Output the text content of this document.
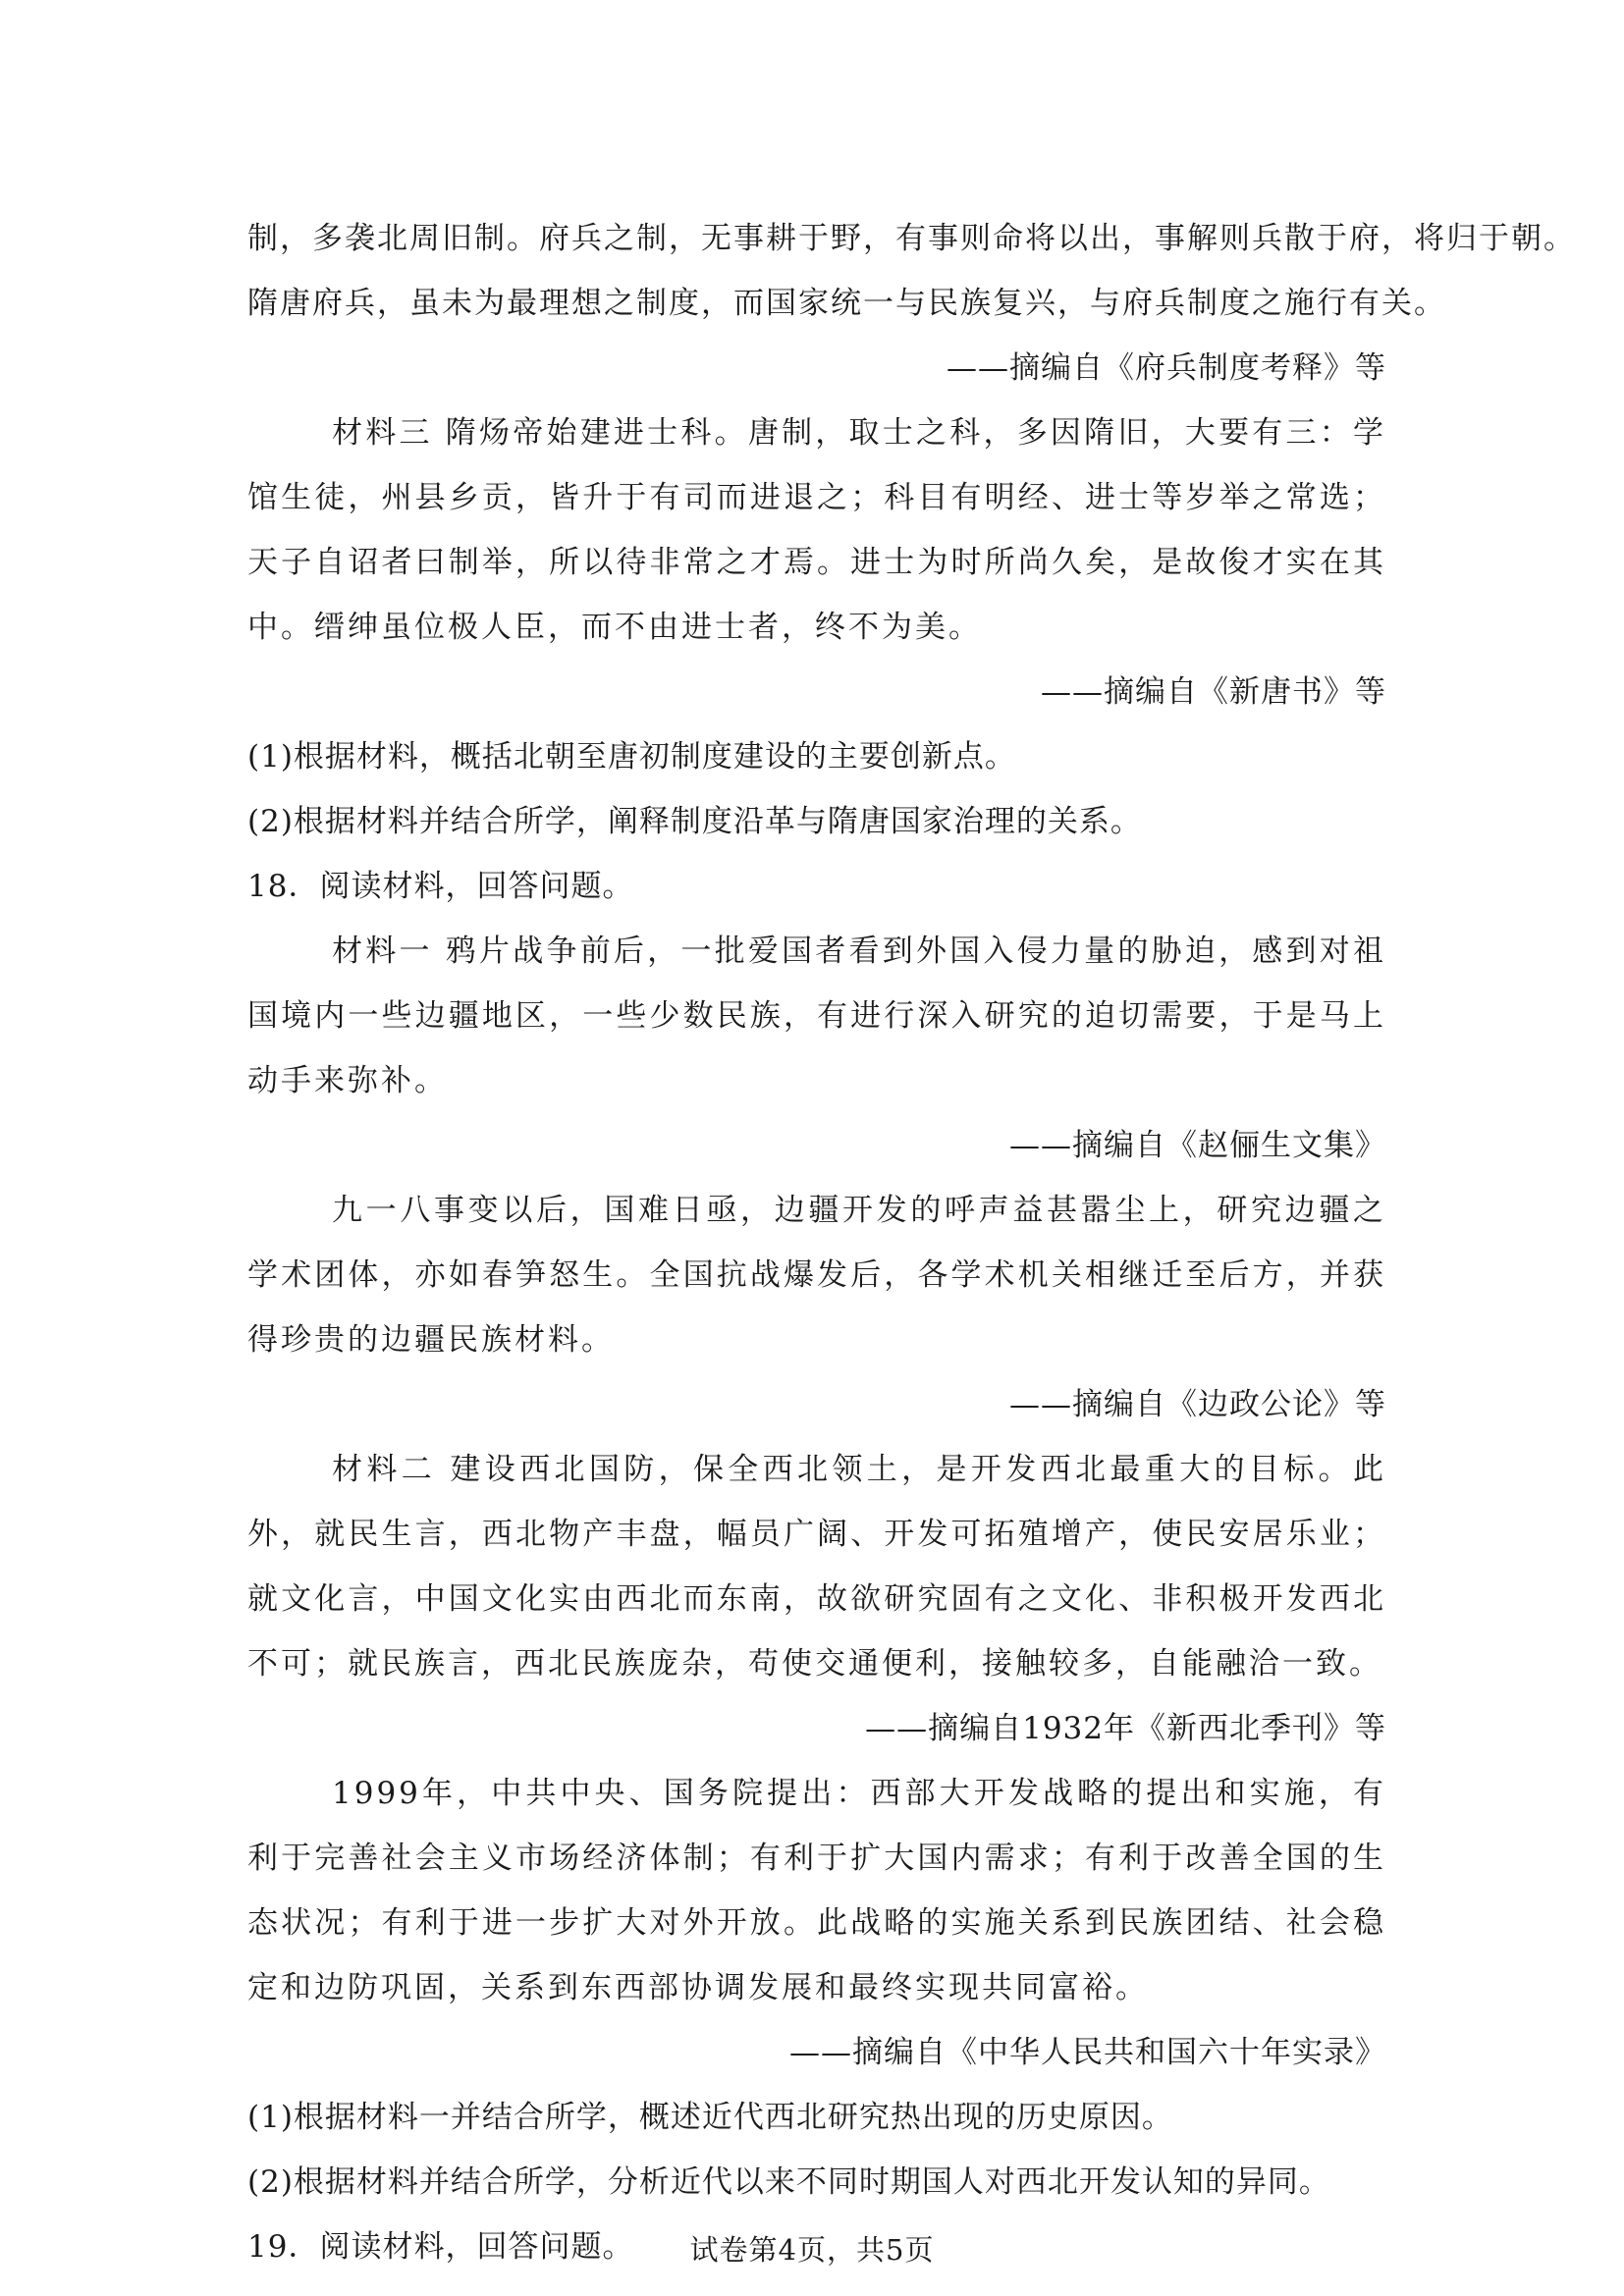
制，多袭北周旧制。府兵之制，无事耕于野，有事则命将以出，事解则兵散于府，将归于朝。
隋唐府兵，虽未为最理想之制度，而国家统一与民族复兴，与府兵制度之施行有关。
——摘编自《府兵制度考释》等

材料三 隋炀帝始建进士科。唐制，取士之科，多因隋旧，大要有三：学馆生徒，州县乡贡，皆升于有司而进退之；科目有明经、进士等岁举之常选；天子自诏者曰制举，所以待非常之才焉。进士为时所尚久矣，是故俊才实在其中。缙绅虽位极人臣，而不由进士者，终不为美。

——摘编自《新唐书》等
(1)根据材料，概括北朝至唐初制度建设的主要创新点。
(2)根据材料并结合所学，阐释制度沿革与隋唐国家治理的关系。
18．阅读材料，回答问题。

材料一 鸦片战争前后，一批爱国者看到外国入侵力量的胁迫，感到对祖国境内一些边疆地区，一些少数民族，有进行深入研究的迫切需要，于是马上动手来弥补。

——摘编自《赵俪生文集》

九一八事变以后，国难日亟，边疆开发的呼声益甚嚣尘上，研究边疆之学术团体，亦如春笋怒生。全国抗战爆发后，各学术机关相继迁至后方，并获得珍贵的边疆民族材料。

——摘编自《边政公论》等

材料二 建设西北国防，保全西北领土，是开发西北最重大的目标。此外，就民生言，西北物产丰盘，幅员广阔、开发可拓殖增产，使民安居乐业；就文化言，中国文化实由西北而东南，故欲研究固有之文化、非积极开发西北不可；就民族言，西北民族庞杂，苟使交通便利，接触较多，自能融洽一致。

——摘编自1932年《新西北季刊》等

1999年，中共中央、国务院提出：西部大开发战略的提出和实施，有利于完善社会主义市场经济体制；有利于扩大国内需求；有利于改善全国的生态状况；有利于进一步扩大对外开放。此战略的实施关系到民族团结、社会稳定和边防巩固，关系到东西部协调发展和最终实现共同富裕。

——摘编自《中华人民共和国六十年实录》
(1)根据材料一并结合所学，概述近代西北研究热出现的历史原因。
(2)根据材料并结合所学，分析近代以来不同时期国人对西北开发认知的异同。
19．阅读材料，回答问题。	试卷第4页，共5页
